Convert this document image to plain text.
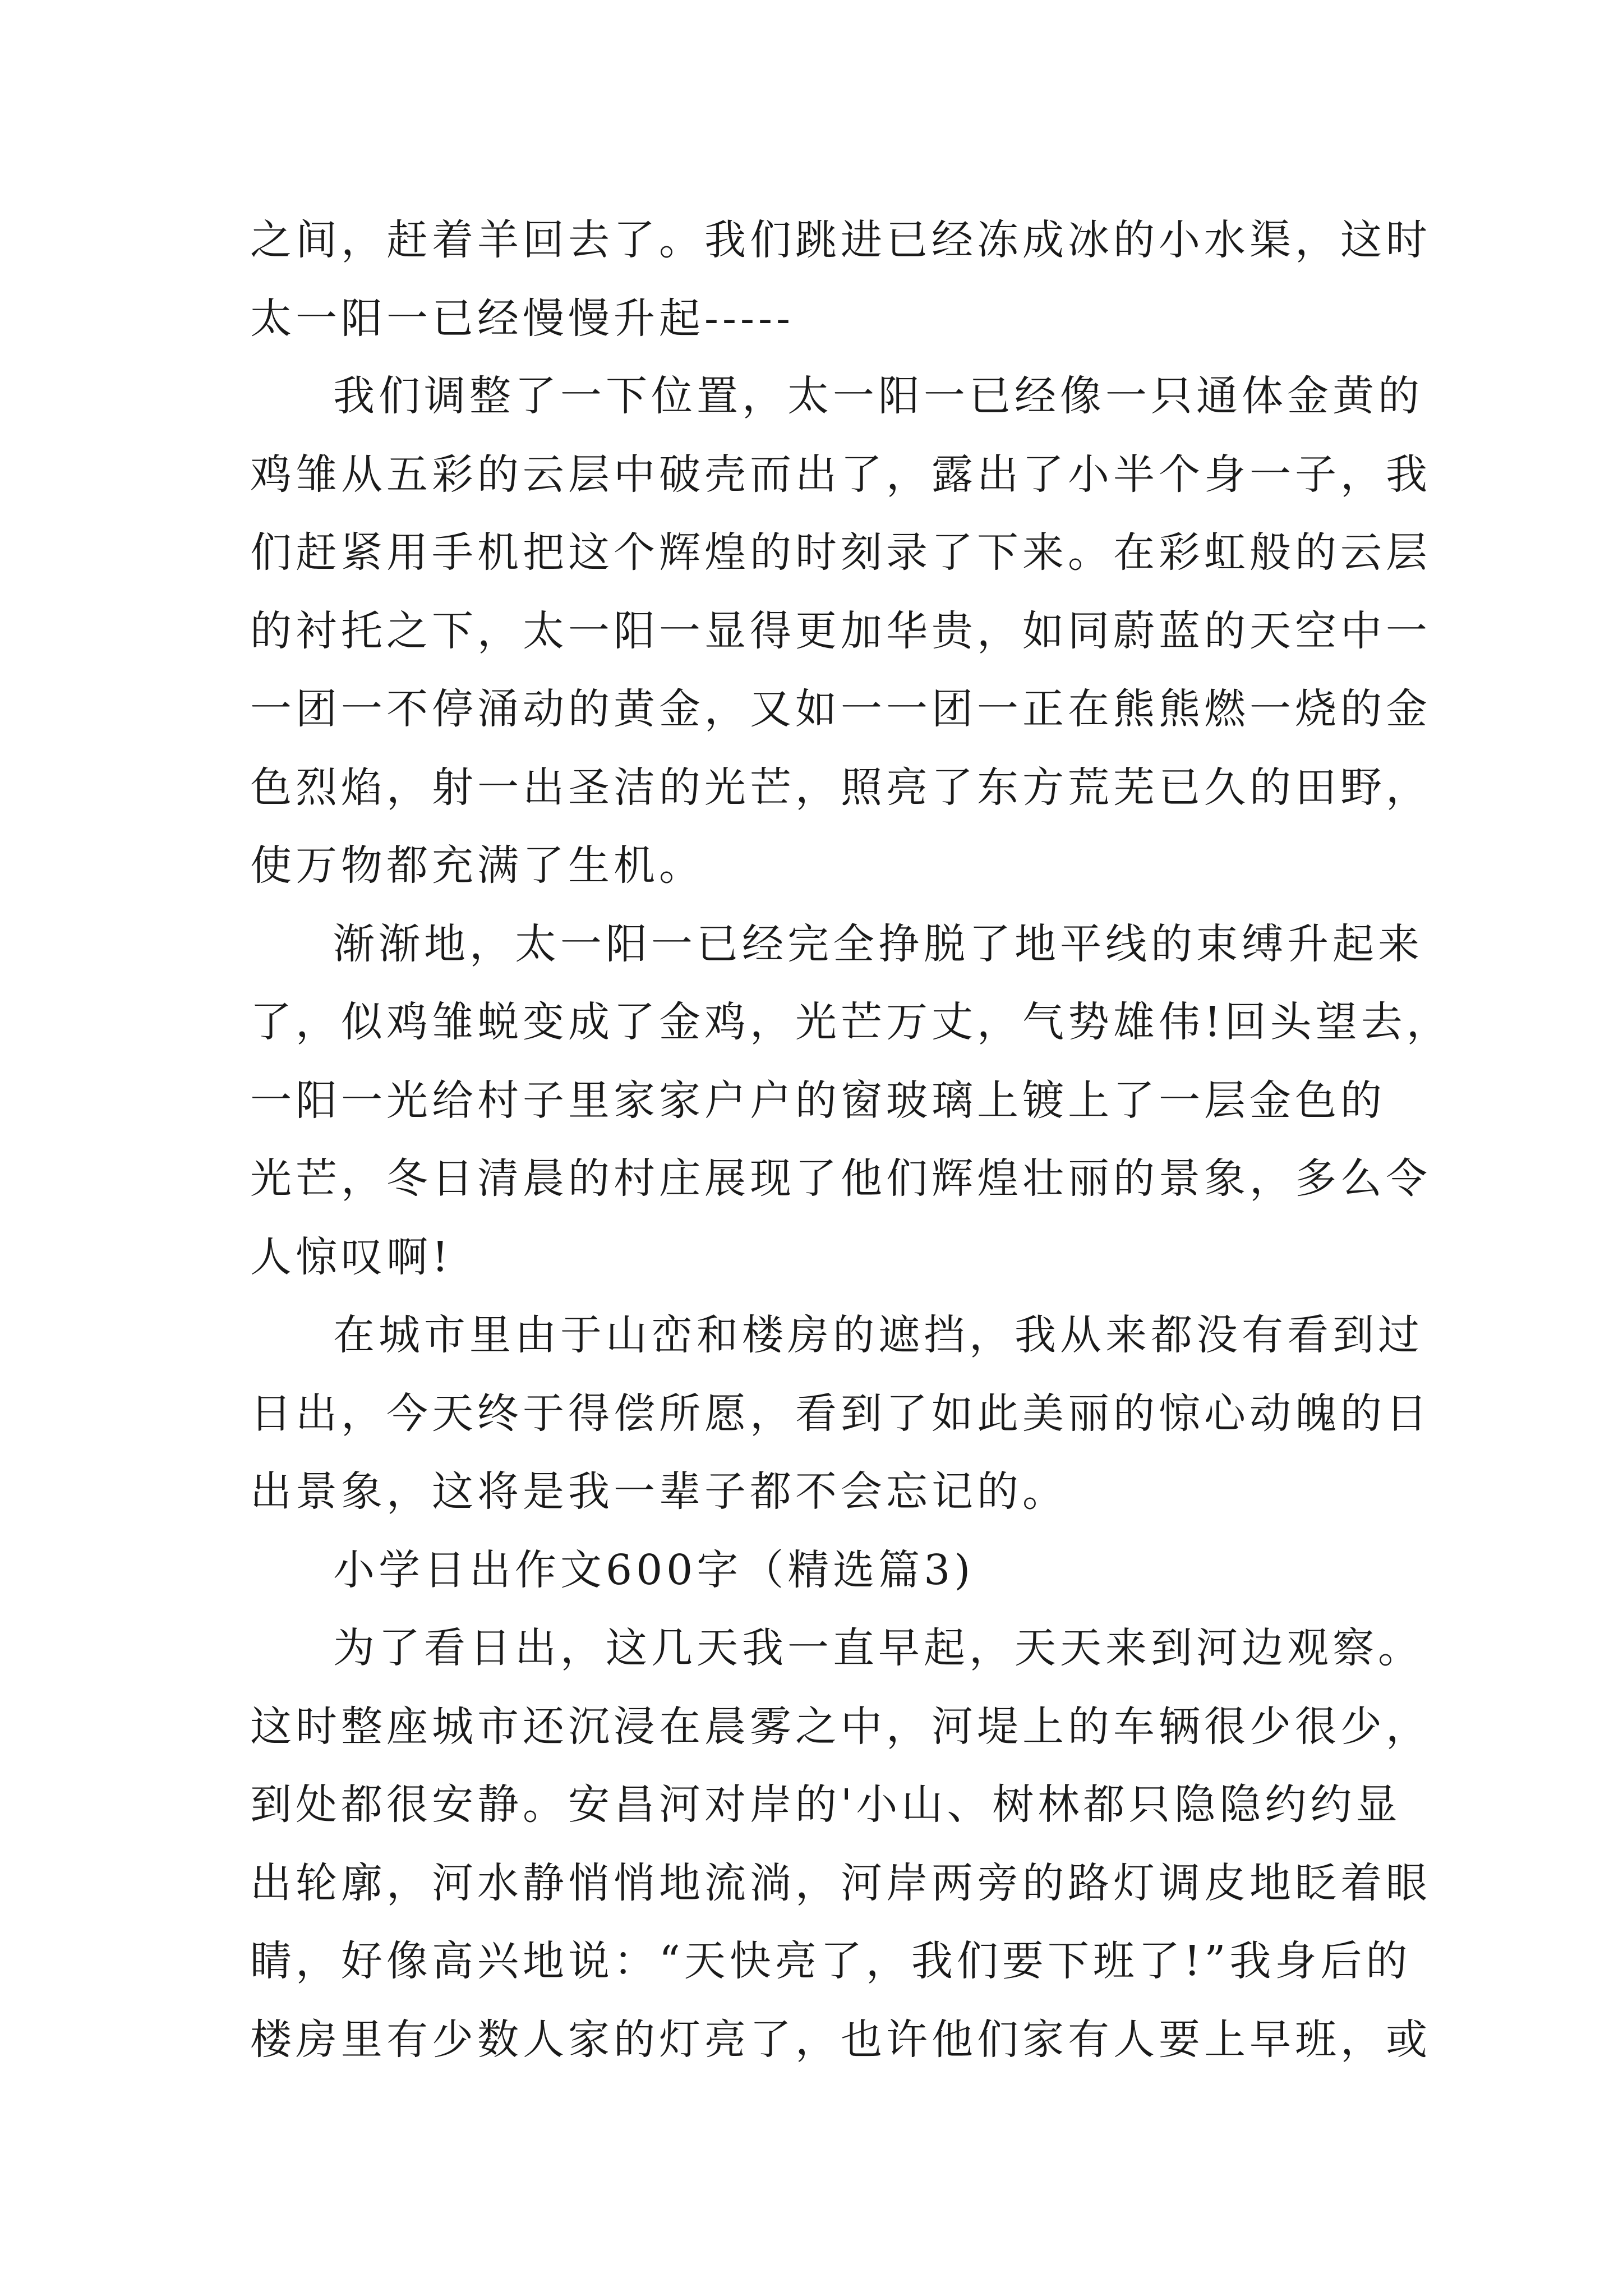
之间，赶着羊回去了。我们跳进已经冻成冰的小水渠，这时
太一阳一已经慢慢升起-----
我们调整了一下位置，太一阳一已经像一只通体金黄的
鸡雏从五彩的云层中破壳而出了，露出了小半个身一子，我
们赶紧用手机把这个辉煌的时刻录了下来。在彩虹般的云层
的衬托之下，太一阳一显得更加华贵，如同蔚蓝的天空中一
一团一不停涌动的黄金，又如一一团一正在熊熊燃一烧的金
色烈焰，射一出圣洁的光芒，照亮了东方荒芜已久的田野，
使万物都充满了生机。
渐渐地，太一阳一已经完全挣脱了地平线的束缚升起来
了，似鸡雏蜕变成了金鸡，光芒万丈，气势雄伟!回头望去，
一阳一光给村子里家家户户的窗玻璃上镀上了一层金色的
光芒，冬日清晨的村庄展现了他们辉煌壮丽的景象，多么令
人惊叹啊!
在城市里由于山峦和楼房的遮挡，我从来都没有看到过
日出，今天终于得偿所愿，看到了如此美丽的惊心动魄的日
出景象，这将是我一辈子都不会忘记的。
小学日出作文600字（精选篇3)
为了看日出，这几天我一直早起，天天来到河边观察。
这时整座城市还沉浸在晨雾之中，河堤上的车辆很少很少，
到处都很安静。安昌河对岸的'小山、树林都只隐隐约约显
出轮廓，河水静悄悄地流淌，河岸两旁的路灯调皮地眨着眼
睛，好像高兴地说：“天快亮了，我们要下班了!”我身后的
楼房里有少数人家的灯亮了，也许他们家有人要上早班，或
